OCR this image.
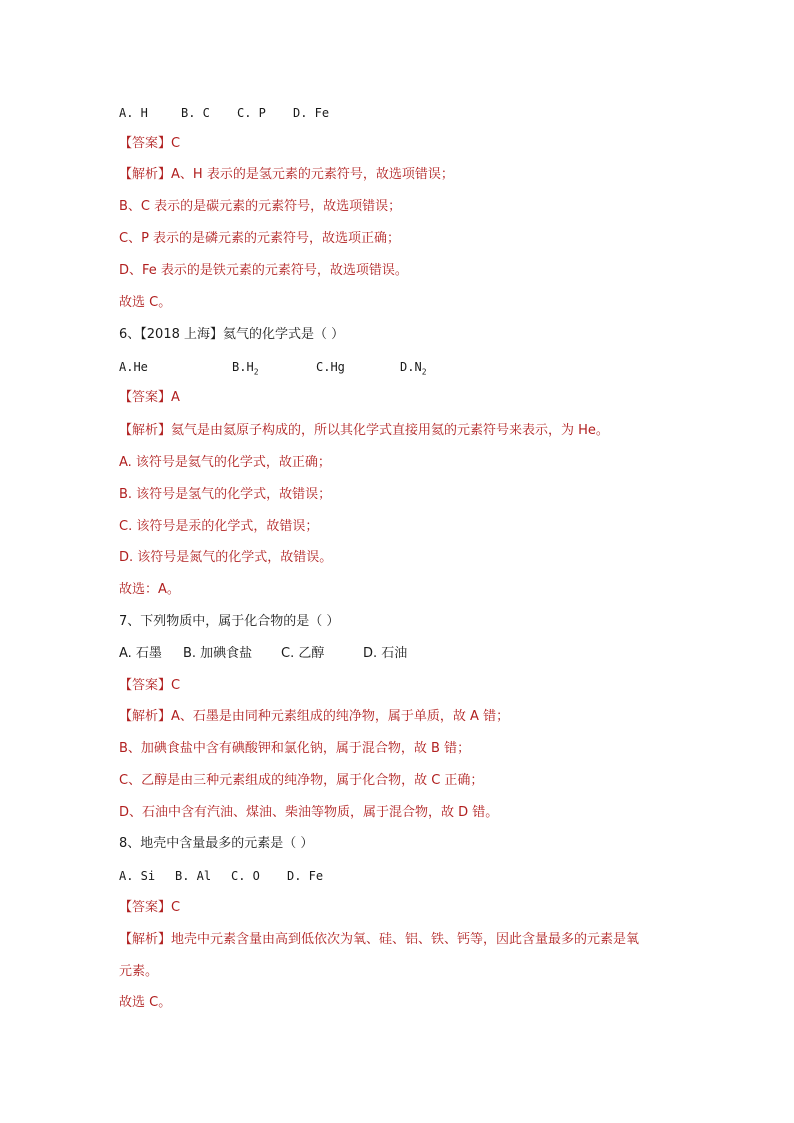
A. H	B. C C. P D. Fe
【答案】C
【解析】A、H 表示的是氢元素的元素符号，故选项错误；
B、C 表示的是碳元素的元素符号，故选项错误；
C、P 表示的是磷元素的元素符号，故选项正确；
D、Fe 表示的是铁元素的元素符号，故选项错误。
故选 C。
6、【2018 上海】氦气的化学式是（ ）
A.He	$B.H_2$	C.Hg	$D.N_2$
【答案】A
【解析】氦气是由氦原子构成的，所以其化学式直接用氦的元素符号来表示，为 He。
A. 该符号是氦气的化学式，故正确；
B. 该符号是氢气的化学式，故错误；
C. 该符号是汞的化学式，故错误；
D. 该符号是氮气的化学式，故错误。
故选：A。
7、下列物质中，属于化合物的是（ ）
A. 石墨 B. 加碘食盐 C. 乙醇	D. 石油
【答案】C
【解析】A、石墨是由同种元素组成的纯净物，属于单质，故 A 错；
B、加碘食盐中含有碘酸钾和氯化钠，属于混合物，故 B 错；
C、乙醇是由三种元素组成的纯净物，属于化合物，故 C 正确；
D、石油中含有汽油、煤油、柴油等物质，属于混合物，故 D 错。
8、地壳中含量最多的元素是（ ）
A. Si B. Al C. O D. Fe
【答案】C
【解析】地壳中元素含量由高到低依次为氧、硅、铝、铁、钙等，因此含量最多的元素是氧
元素。
故选 C。
